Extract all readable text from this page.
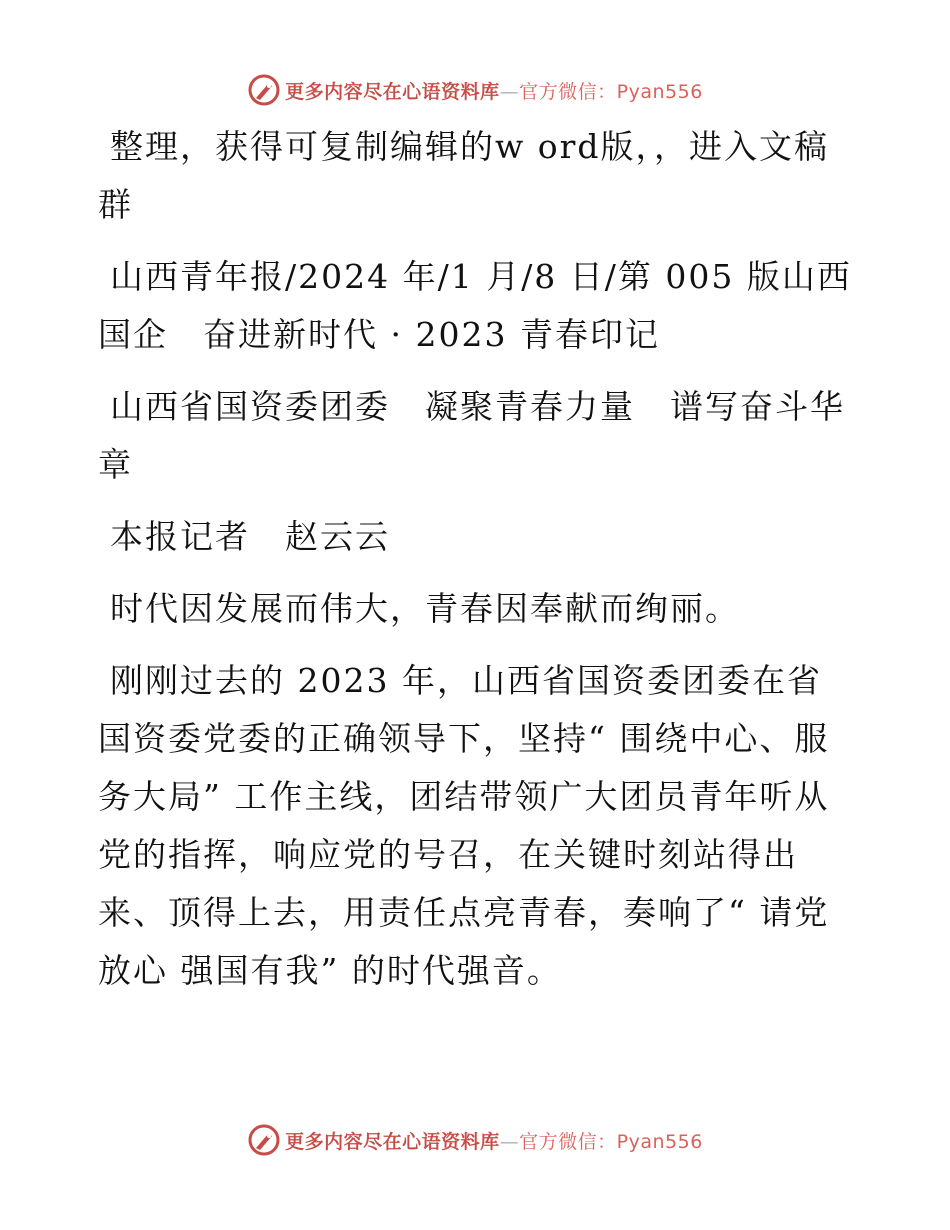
更多内容尽在心语资料库—官方微信：Pyan556

整理，获得可复制编辑的w ord版，，进入文稿群

山西青年报/2024 年/1 月/8 日/第 005 版山西国企　奋进新时代 · 2023 青春印记

山西省国资委团委　凝聚青春力量　谱写奋斗华章

本报记者　赵云云

时代因发展而伟大，青春因奉献而绚丽。

刚刚过去的 2023 年，山西省国资委团委在省国资委党委的正确领导下，坚持“ 围绕中心、服务大局” 工作主线，团结带领广大团员青年听从党的指挥，响应党的号召，在关键时刻站得出来、顶得上去，用责任点亮青春，奏响了“ 请党放心 强国有我” 的时代强音。

更多内容尽在心语资料库—官方微信：Pyan556
